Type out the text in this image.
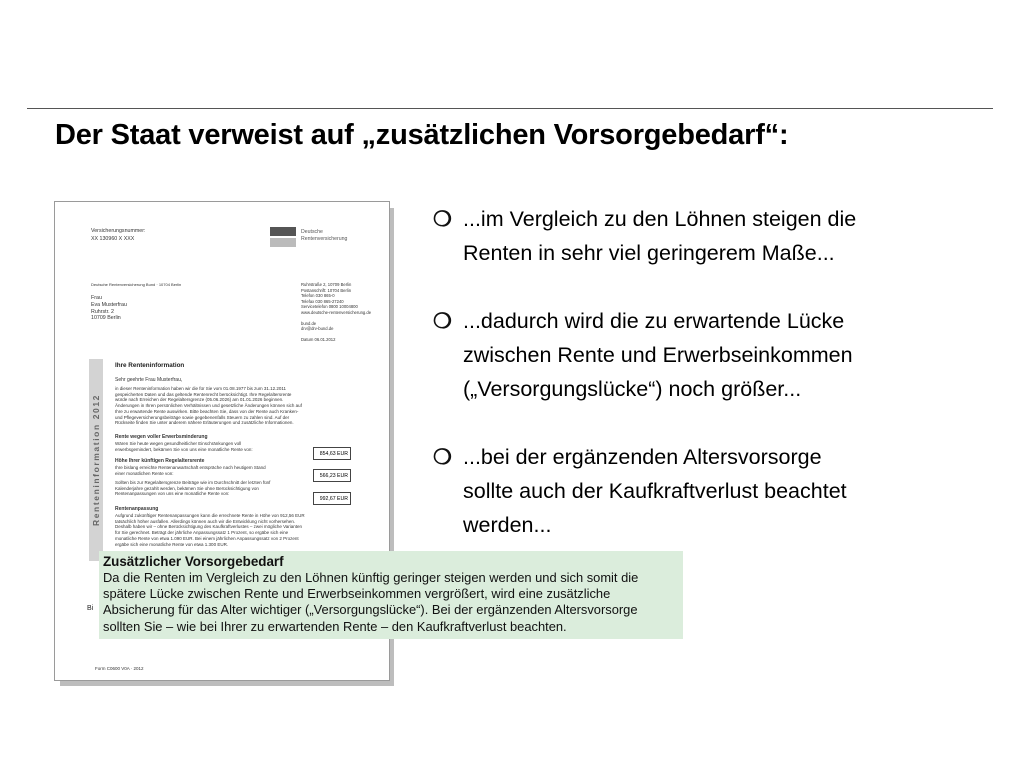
Der Staat verweist auf „zusätzlichen Vorsorgebedarf“:
Versicherungsnummer:
XX 130960 X XXX
Deutsche
Rentenversicherung
Deutsche Rentenversicherung Bund · 10704 Berlin
Frau
Eva Musterfrau
Ruhrstr. 2
10709 Berlin
Ruhrstraße 2, 10709 Berlin
Postanschrift: 10704 Berlin
Telefon 030 865-0
Telefax 030 865-27240
Servicetelefon 0800 10004800
www.deutsche-rentenversicherung.de

bund.de
drv@drv-bund.de

Datum 06.01.2012
Renteninformation 2012
Ihre Renteninformation
Sehr geehrte Frau Musterfrau,
in dieser Renteninformation haben wir die für Sie vom 01.08.1977 bis zum 31.12.2011
gespeicherten Daten und das geltende Rentenrecht berücksichtigt. Ihre Regelaltersrente
würde nach Erreichen der Regelaltersgrenze (05.06.2026) am 01.01.2026 beginnen.
Änderungen in Ihren persönlichen Verhältnissen und gesetzliche Änderungen können sich auf
Ihre zu erwartende Rente auswirken. Bitte beachten Sie, dass von der Rente auch Kranken-
und Pflegeversicherungsbeiträge sowie gegebenenfalls Steuern zu zahlen sind. Auf der
Rückseite finden Sie unter anderem nähere Erläuterungen und zusätzliche Informationen.
Rente wegen voller Erwerbsminderung
Wären Sie heute wegen gesundheitlicher Einschränkungen voll
erwerbsgemindert, bekämen Sie von uns eine monatliche Rente von:
854,63 EUR
Höhe Ihrer künftigen Regelaltersrente
Ihre bislang erreichte Rentenanwartschaft entspräche nach heutigem Stand
einer monatlichen Rente von:	566,23 EUR
Sollten bis zur Regelaltersgrenze Beiträge wie im Durchschnitt der letzten fünf
Kalenderjahre gezahlt werden, bekämen Sie ohne Berücksichtigung von
Rentenanpassungen von uns eine monatliche Rente von:
992,67 EUR
Rentenanpassung
Aufgrund zukünftiger Rentenanpassungen kann die errechnete Rente in Höhe von 912,56 EUR
tatsächlich höher ausfallen. Allerdings können auch wir die Entwicklung nicht vorhersehen.
Deshalb haben wir – ohne Berücksichtigung des Kaufkraftverlustes – zwei mögliche Varianten
für Sie gerechnet. Beträgt der jährliche Anpassungssatz 1 Prozent, so ergäbe sich eine
monatliche Rente von etwa 1.090 EUR. Bei einem jährlichen Anpassungssatz von 2 Prozent
ergäbe sich eine monatliche Rente von etwa 1.300 EUR.
Bi
Form C0600 V0A · 2012
Zusätzlicher Vorsorgebedarf
Da die Renten im Vergleich zu den Löhnen künftig geringer steigen werden und sich somit die
spätere Lücke zwischen Rente und Erwerbseinkommen vergrößert, wird eine zusätzliche
Absicherung für das Alter wichtiger („Versorgungslücke“). Bei der ergänzenden Altersvorsorge
sollten Sie – wie bei Ihrer zu erwartenden Rente – den Kaufkraftverlust beachten.
❍ ...im Vergleich zu den Löhnen steigen die
Renten in sehr viel geringerem Maße...
❍ ...dadurch wird die zu erwartende Lücke
zwischen Rente und Erwerbseinkommen
(„Versorgungslücke“) noch größer...
❍ ...bei der ergänzenden Altersvorsorge
sollte auch der Kaufkraftverlust beachtet
werden...
